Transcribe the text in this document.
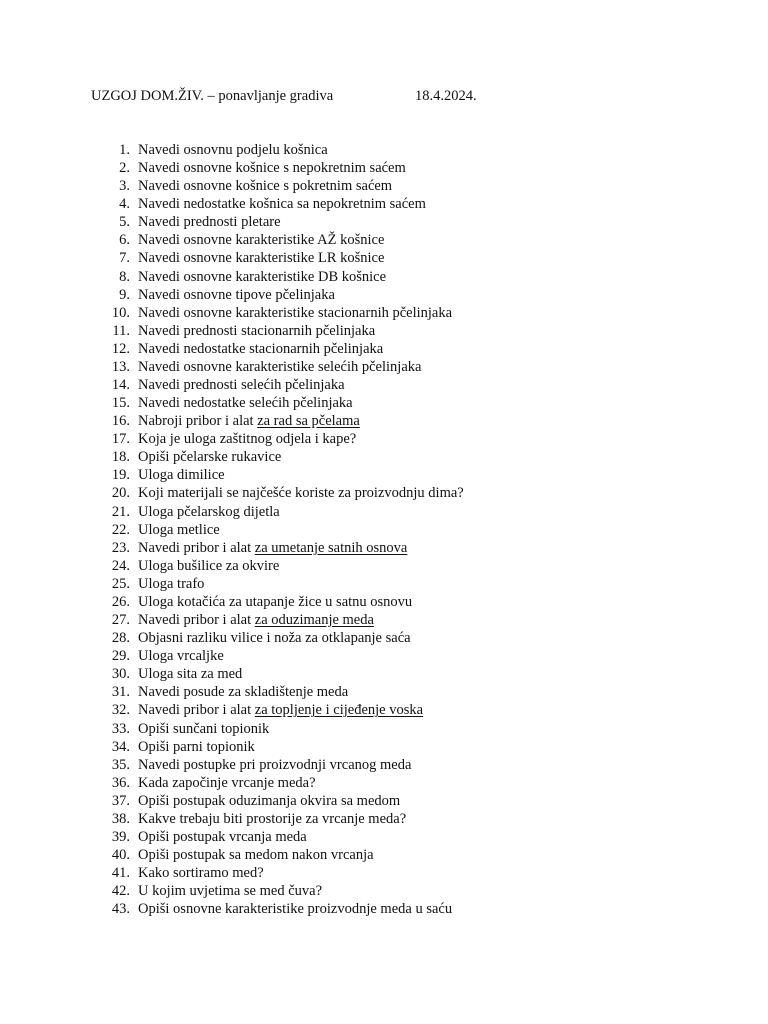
UZGOJ DOM.ŽIV. – ponavljanje gradiva	18.4.2024.
1. Navedi osnovnu podjelu košnica
2. Navedi osnovne košnice s nepokretnim saćem
3. Navedi osnovne košnice s pokretnim saćem
4. Navedi nedostatke košnica sa nepokretnim saćem
5. Navedi prednosti pletare
6. Navedi osnovne karakteristike AŽ košnice
7. Navedi osnovne karakteristike LR košnice
8. Navedi osnovne karakteristike DB košnice
9. Navedi osnovne tipove pčelinjaka
10. Navedi osnovne karakteristike stacionarnih pčelinjaka
11. Navedi prednosti stacionarnih pčelinjaka
12. Navedi nedostatke stacionarnih pčelinjaka
13. Navedi osnovne karakteristike selećih pčelinjaka
14. Navedi prednosti selećih pčelinjaka
15. Navedi nedostatke selećih pčelinjaka
16. Nabroji pribor i alat za rad sa pčelama
17. Koja je uloga zaštitnog odjela i kape?
18. Opiši pčelarske rukavice
19. Uloga dimilice
20. Koji materijali se najčešće koriste za proizvodnju dima?
21. Uloga pčelarskog dijetla
22. Uloga metlice
23. Navedi pribor i alat za umetanje satnih osnova
24. Uloga bušilice za okvire
25. Uloga trafo
26. Uloga kotačića za utapanje žice u satnu osnovu
27. Navedi pribor i alat za oduzimanje meda
28. Objasni razliku vilice i noža za otklapanje saća
29. Uloga vrcaljke
30. Uloga sita za med
31. Navedi posude za skladištenje meda
32. Navedi pribor i alat za topljenje i cijeđenje voska
33. Opiši sunčani topionik
34. Opiši parni topionik
35. Navedi postupke pri proizvodnji vrcanog meda
36. Kada započinje vrcanje meda?
37. Opiši postupak oduzimanja okvira sa medom
38. Kakve trebaju biti prostorije za vrcanje meda?
39. Opiši postupak vrcanja meda
40. Opiši postupak sa medom nakon vrcanja
41. Kako sortiramo med?
42. U kojim uvjetima se med čuva?
43. Opiši osnovne karakteristike proizvodnje meda u saću
